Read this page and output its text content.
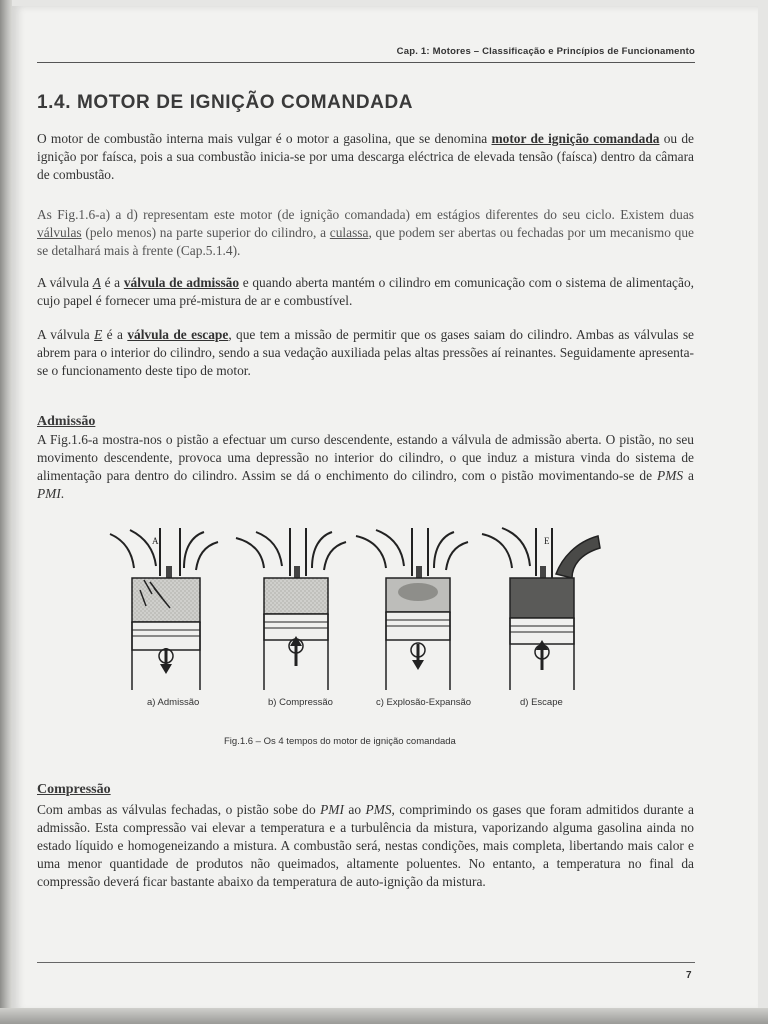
Cap. 1: Motores – Classificação e Princípios de Funcionamento
1.4. MOTOR DE IGNIÇÃO COMANDADA

O motor de combustão interna mais vulgar é o motor a gasolina, que se denomina motor de ignição comandada ou de ignição por faísca, pois a sua combustão inicia-se por uma descarga eléctrica de elevada tensão (faísca) dentro da câmara de combustão.

As Fig.1.6-a) a d) representam este motor (de ignição comandada) em estágios diferentes do seu ciclo. Existem duas válvulas (pelo menos) na parte superior do cilindro, a culassa, que podem ser abertas ou fechadas por um mecanismo que se detalhará mais à frente (Cap.5.1.4).

A válvula A é a válvula de admissão e quando aberta mantém o cilindro em comunicação com o sistema de alimentação, cujo papel é fornecer uma pré-mistura de ar e combustível.

A válvula E é a válvula de escape, que tem a missão de permitir que os gases saiam do cilindro. Ambas as válvulas se abrem para o interior do cilindro, sendo a sua vedação auxiliada pelas altas pressões aí reinantes. Seguidamente apresenta-se o funcionamento deste tipo de motor.

Admissão

A Fig.1.6-a mostra-nos o pistão a efectuar um curso descendente, estando a válvula de admissão aberta. O pistão, no seu movimento descendente, provoca uma depressão no interior do cilindro, o que induz a mistura vinda do sistema de alimentação para dentro do cilindro. Assim se dá o enchimento do cilindro, com o pistão movimentando-se de PMS a PMI.

A	E
a) Admissão	b) Compressão	c) Explosão-Expansão	d) Escape
Fig.1.6 – Os 4 tempos do motor de ignição comandada
Compressão

Com ambas as válvulas fechadas, o pistão sobe do PMI ao PMS, comprimindo os gases que foram admitidos durante a admissão. Esta compressão vai elevar a temperatura e a turbulência da mistura, vaporizando alguma gasolina ainda no estado líquido e homogeneizando a mistura. A combustão será, nestas condições, mais completa, libertando mais calor e uma menor quantidade de produtos não queimados, altamente poluentes. No entanto, a temperatura no final da compressão deverá ficar bastante abaixo da temperatura de auto-ignição da mistura.

7
